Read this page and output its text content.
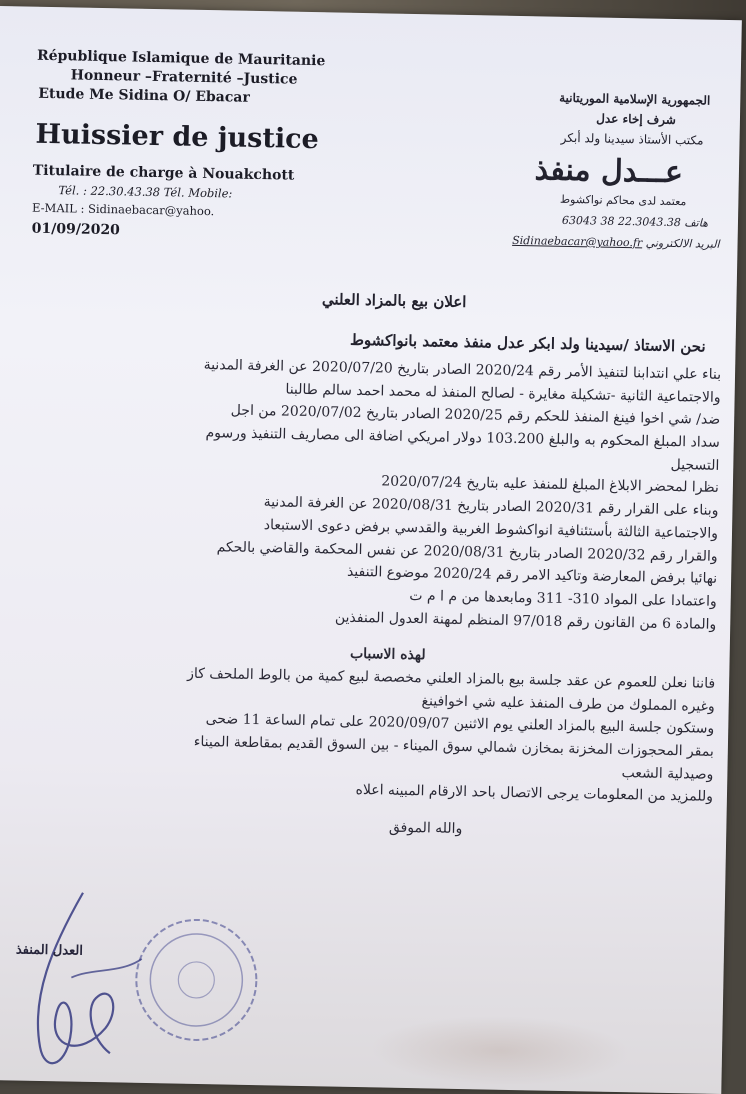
République Islamique de Mauritanie
Honneur –Fraternité –Justice
Etude Me Sidina O/ Ebacar
Huissier de justice
Titulaire de charge à Nouakchott
Tél. : 22.30.43.38 Tél. Mobile:
E-MAIL : Sidinaebacar@yahoo.
01/09/2020
الجمهورية الإسلامية الموريتانية
شرف إخاء عدل
مكتب الأستاذ سيدينا ولد أبكر
عـــدل منفذ
معتمد لدى محاكم نواكشوط
63043 38 22.3043.38 هاتف
Sidinaebacar@yahoo.fr البريد الالكتروني
اعلان بيع بالمزاد العلني
نحن الاستاذ /سيدينا ولد ابكر عدل منفذ معتمد بانواكشوط
بناء علي انتدابنا لتنفيذ الأمر رقم 2020/24 الصادر بتاريخ 2020/07/20 عن الغرفة المدنية
والاجتماعية الثانية -تشكيلة مغايرة - لصالح المنفذ له محمد احمد سالم طالبنا
ضد/ شي اخوا فينغ المنفذ للحكم رقم 2020/25 الصادر بتاريخ 2020/07/02 من اجل
سداد المبلغ المحكوم به والبلغ 103.200 دولار امريكي اضافة الى مصاريف التنفيذ ورسوم
التسجيل
نظرا لمحضر الابلاغ المبلغ للمنفذ عليه بتاريخ 2020/07/24
وبناء على القرار رقم 2020/31 الصادر بتاريخ 2020/08/31 عن الغرفة المدنية
والاجتماعية الثالثة بأستئنافية انواكشوط الغربية والقدسي برفض دعوى الاستبعاد
والقرار رقم 2020/32 الصادر بتاريخ 2020/08/31 عن نفس المحكمة والقاضي بالحكم
نهائيا برفض المعارضة وتاكيد الامر رقم 2020/24 موضوع التنفيذ
واعتمادا على المواد 310- 311 ومابعدها من م ا م ت
والمادة 6 من القانون رقم 97/018 المنظم لمهنة العدول المنفذين
لهذه الاسباب
فاننا نعلن للعموم عن عقد جلسة بيع بالمزاد العلني مخصصة لبيع كمية من بالوط الملحف كاز
وغيره المملوك من طرف المنفذ عليه شي اخوافينغ
وستكون جلسة البيع بالمزاد العلني يوم الاثنين 2020/09/07 على تمام الساعة 11 ضحى
بمقر المحجوزات المخزنة بمخازن شمالي سوق الميناء - بين السوق القديم بمقاطعة الميناء
وصيدلية الشعب
وللمزيد من المعلومات يرجى الاتصال باحد الارقام المبينه اعلاه
والله الموفق
العدل المنفذ
